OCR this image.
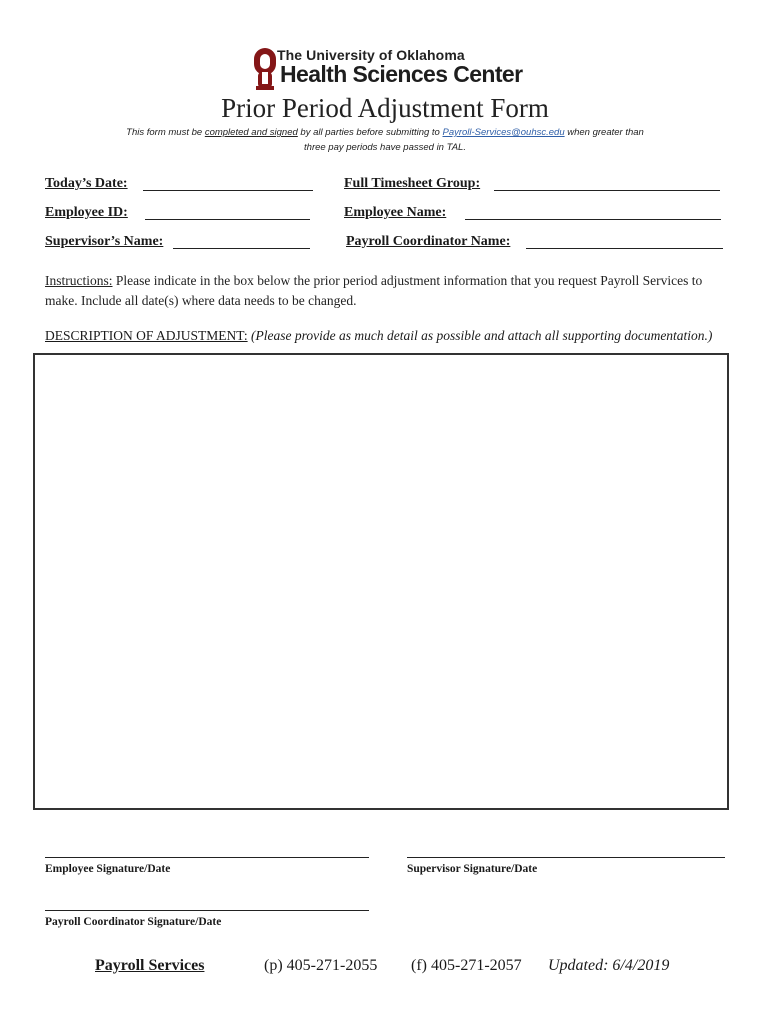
The University of Oklahoma
Health Sciences Center
Prior Period Adjustment Form
This form must be completed and signed by all parties before submitting to Payroll-Services@ouhsc.edu when greater than
three pay periods have passed in TAL.
Today’s Date:	Full Timesheet Group:
Employee ID:	Employee Name:
Supervisor’s Name:	Payroll Coordinator Name:
Instructions: Please indicate in the box below the prior period adjustment information that you request Payroll Services to make. Include all date(s) where data needs to be changed.
DESCRIPTION OF ADJUSTMENT: (Please provide as much detail as possible and attach all supporting documentation.)
Employee Signature/Date	Supervisor Signature/Date
Payroll Coordinator Signature/Date
Payroll Services	(p) 405-271-2055 (f) 405-271-2057 Updated: 6/4/2019
